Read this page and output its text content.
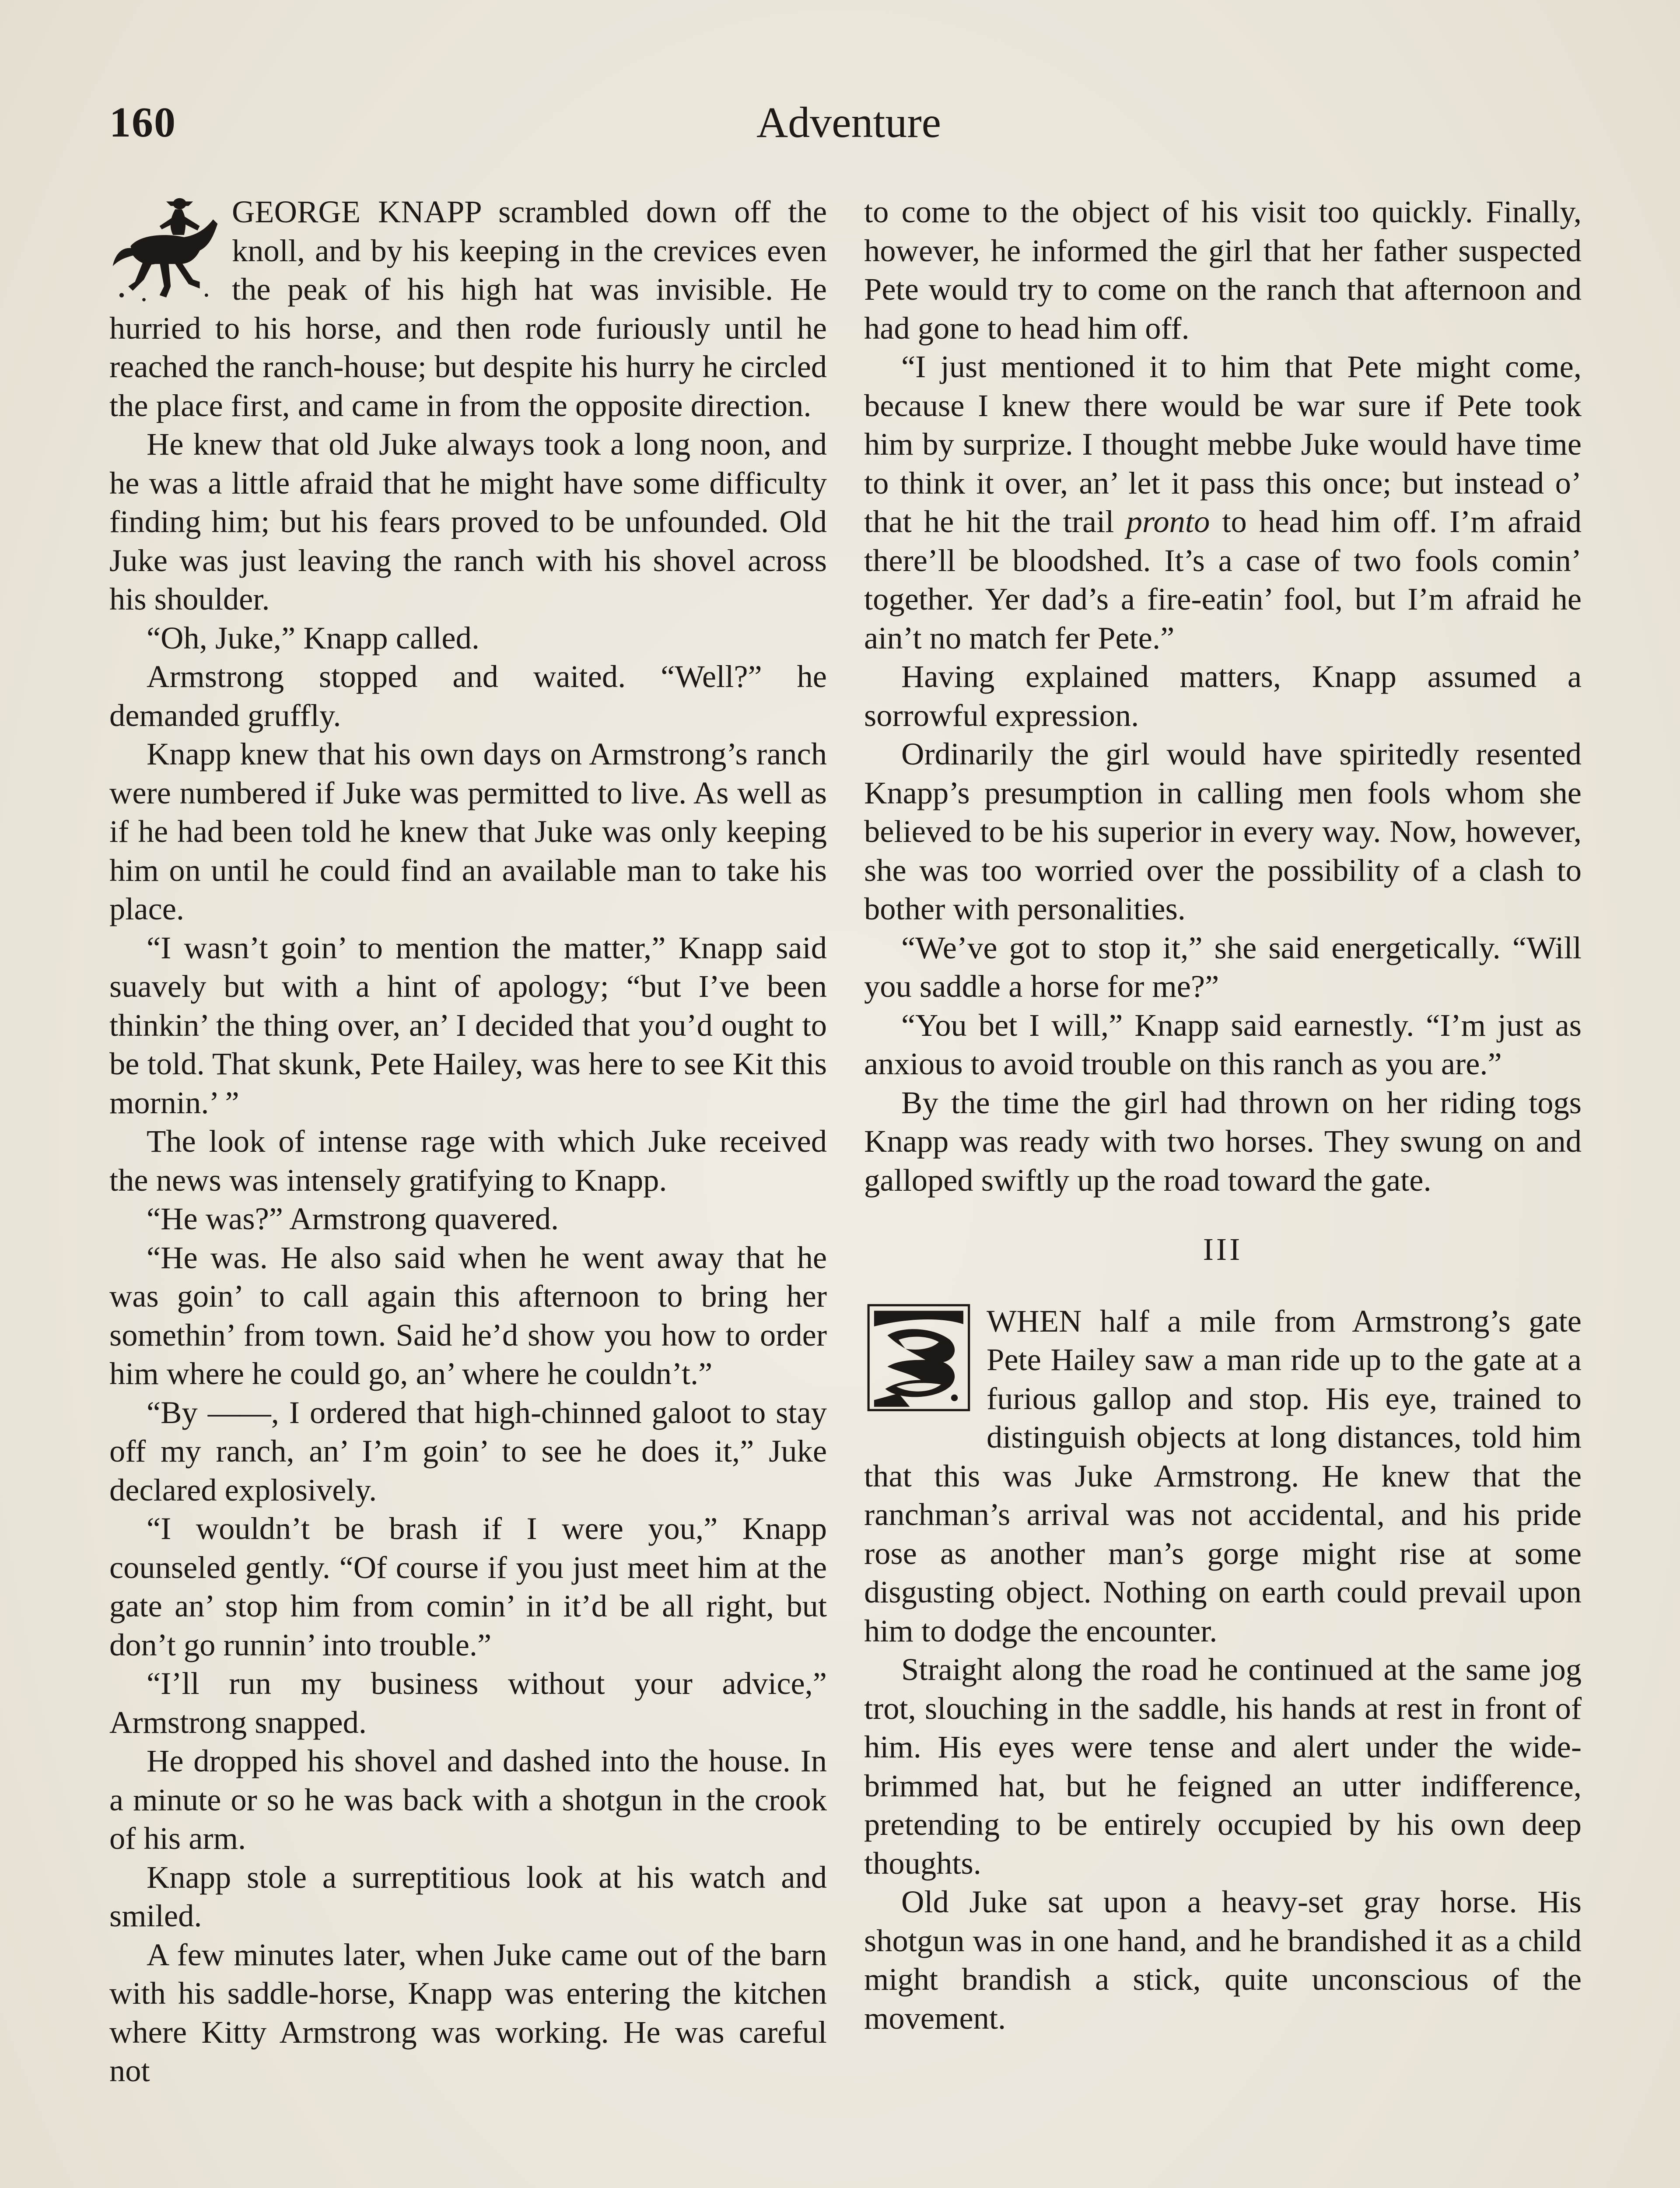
160	Adventure

GEORGE KNAPP scrambled down off the knoll, and by his keeping in the crevices even the peak of his high hat was invisible. He hurried to his horse, and then rode furiously until he reached the ranch-house; but despite his hurry he circled the place first, and came in from the opposite direction.

He knew that old Juke always took a long noon, and he was a little afraid that he might have some difficulty finding him; but his fears proved to be unfounded. Old Juke was just leaving the ranch with his shovel across his shoulder.

“Oh, Juke,” Knapp called.

Armstrong stopped and waited. “Well?” he demanded gruffly.

Knapp knew that his own days on Armstrong’s ranch were numbered if Juke was permitted to live. As well as if he had been told he knew that Juke was only keeping him on until he could find an available man to take his place.

“I wasn’t goin’ to mention the matter,” Knapp said suavely but with a hint of apology; “but I’ve been thinkin’ the thing over, an’ I decided that you’d ought to be told. That skunk, Pete Hailey, was here to see Kit this mornin.’ ”

The look of intense rage with which Juke received the news was intensely gratifying to Knapp.

“He was?” Armstrong quavered.

“He was. He also said when he went away that he was goin’ to call again this afternoon to bring her somethin’ from town. Said he’d show you how to order him where he could go, an’ where he couldn’t.”

“By ——, I ordered that high-chinned galoot to stay off my ranch, an’ I’m goin’ to see he does it,” Juke declared explosively.

“I wouldn’t be brash if I were you,” Knapp counseled gently. “Of course if you just meet him at the gate an’ stop him from comin’ in it’d be all right, but don’t go runnin’ into trouble.”

“I’ll run my business without your advice,” Armstrong snapped.

He dropped his shovel and dashed into the house. In a minute or so he was back with a shotgun in the crook of his arm.

Knapp stole a surreptitious look at his watch and smiled.

A few minutes later, when Juke came out of the barn with his saddle-horse, Knapp was entering the kitchen where Kitty Armstrong was working. He was careful not

to come to the object of his visit too quickly. Finally, however, he informed the girl that her father suspected Pete would try to come on the ranch that afternoon and had gone to head him off.

“I just mentioned it to him that Pete might come, because I knew there would be war sure if Pete took him by surprize. I thought mebbe Juke would have time to think it over, an’ let it pass this once; but instead o’ that he hit the trail pronto to head him off. I’m afraid there’ll be bloodshed. It’s a case of two fools comin’ together. Yer dad’s a fire-eatin’ fool, but I’m afraid he ain’t no match fer Pete.”

Having explained matters, Knapp assumed a sorrowful expression.

Ordinarily the girl would have spiritedly resented Knapp’s presumption in calling men fools whom she believed to be his superior in every way. Now, however, she was too worried over the possibility of a clash to bother with personalities.

“We’ve got to stop it,” she said energetically. “Will you saddle a horse for me?”

“You bet I will,” Knapp said earnestly. “I’m just as anxious to avoid trouble on this ranch as you are.”

By the time the girl had thrown on her riding togs Knapp was ready with two horses. They swung on and galloped swiftly up the road toward the gate.

III

WHEN half a mile from Armstrong’s gate Pete Hailey saw a man ride up to the gate at a furious gallop and stop. His eye, trained to distinguish objects at long distances, told him that this was Juke Armstrong. He knew that the ranchman’s arrival was not accidental, and his pride rose as another man’s gorge might rise at some disgusting object. Nothing on earth could prevail upon him to dodge the encounter.

Straight along the road he continued at the same jog trot, slouching in the saddle, his hands at rest in front of him. His eyes were tense and alert under the wide-brimmed hat, but he feigned an utter indifference, pretending to be entirely occupied by his own deep thoughts.

Old Juke sat upon a heavy-set gray horse. His shotgun was in one hand, and he brandished it as a child might brandish a stick, quite unconscious of the movement.
